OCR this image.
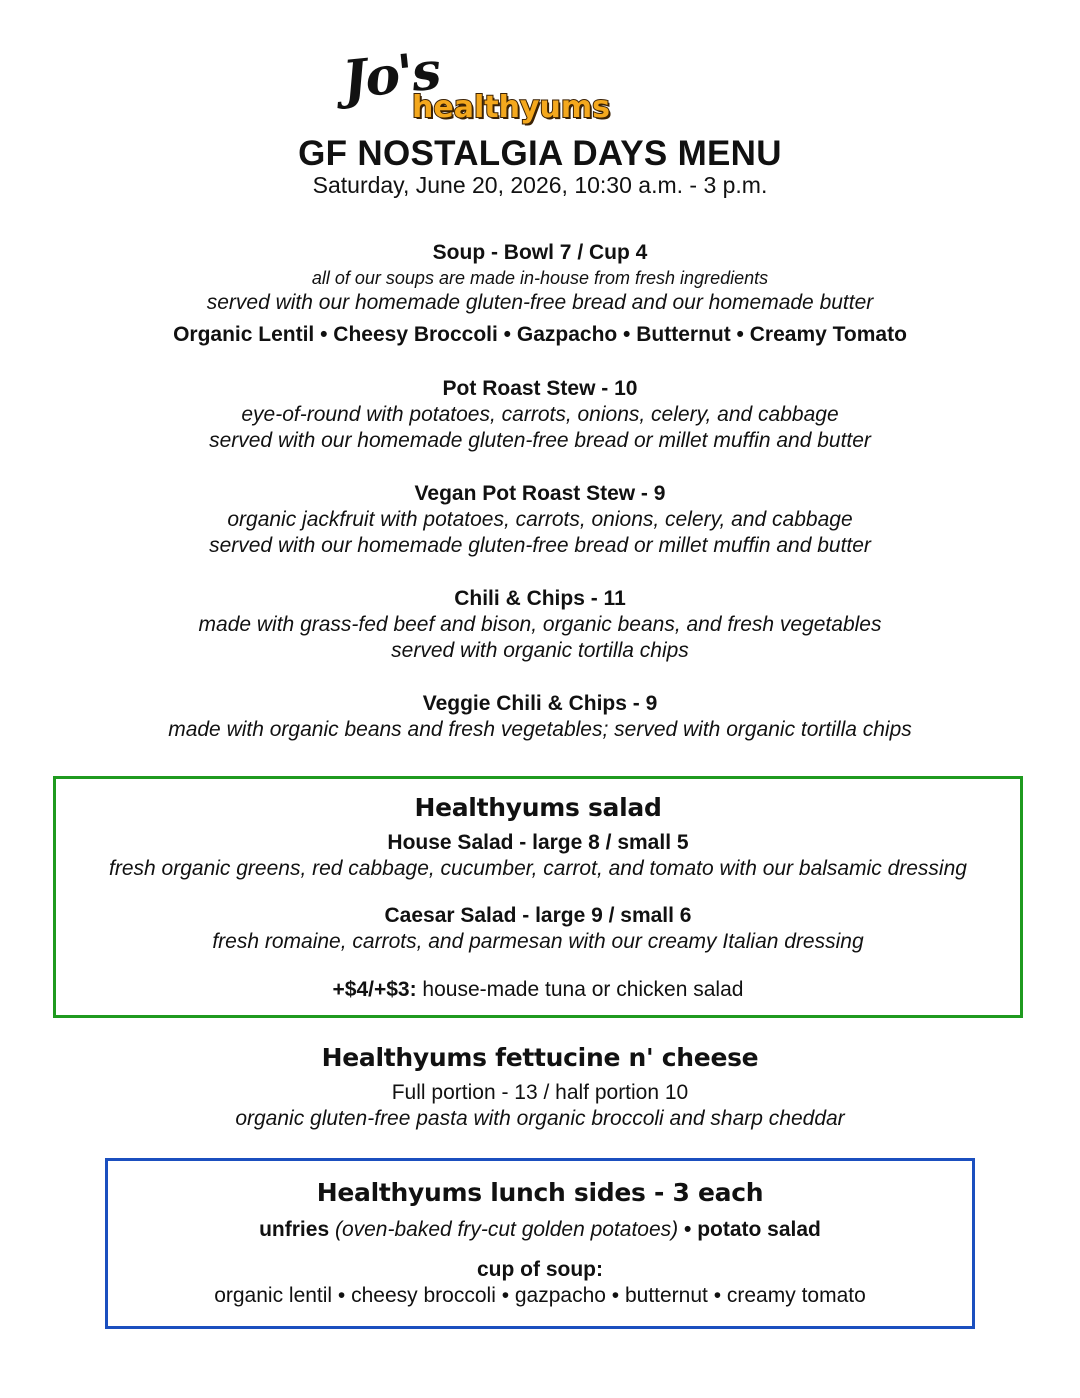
Jo's
healthyums
GF NOSTALGIA DAYS MENU
Saturday, June 20, 2026, 10:30 a.m. - 3 p.m.
Soup - Bowl 7 / Cup 4
all of our soups are made in-house from fresh ingredients
served with our homemade gluten-free bread and our homemade butter
Organic Lentil • Cheesy Broccoli • Gazpacho • Butternut • Creamy Tomato
Pot Roast Stew - 10
eye-of-round with potatoes, carrots, onions, celery, and cabbage
served with our homemade gluten-free bread or millet muffin and butter
Vegan Pot Roast Stew - 9
organic jackfruit with potatoes, carrots, onions, celery, and cabbage
served with our homemade gluten-free bread or millet muffin and butter
Chili & Chips - 11
made with grass-fed beef and bison, organic beans, and fresh vegetables
served with organic tortilla chips
Veggie Chili & Chips - 9
made with organic beans and fresh vegetables; served with organic tortilla chips
Healthyums salad
House Salad - large 8 / small 5
fresh organic greens, red cabbage, cucumber, carrot, and tomato with our balsamic dressing
Caesar Salad - large 9 / small 6
fresh romaine, carrots, and parmesan with our creamy Italian dressing
+$4/+$3: house-made tuna or chicken salad
Healthyums fettucine n' cheese
Full portion - 13 / half portion 10
organic gluten-free pasta with organic broccoli and sharp cheddar
Healthyums lunch sides - 3 each
unfries (oven-baked fry-cut golden potatoes) • potato salad
cup of soup:
organic lentil • cheesy broccoli • gazpacho • butternut • creamy tomato
